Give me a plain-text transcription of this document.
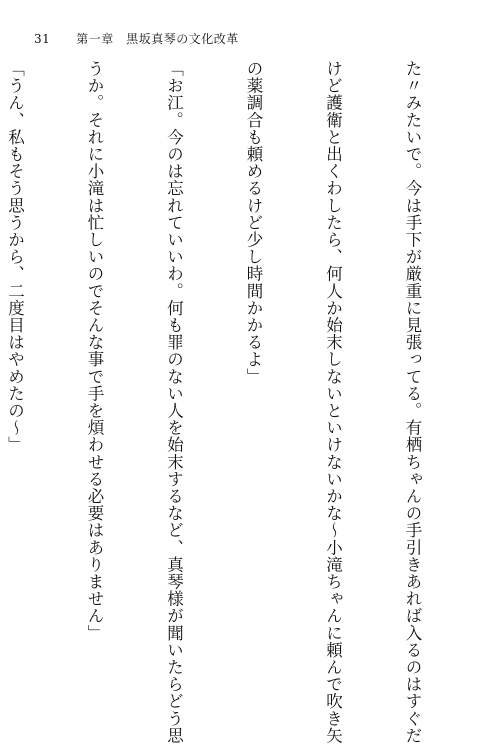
31 第一章　黒坂真琴の文化改革

た〃みたいで。今は手下が厳重に見張ってる。有栖ちゃんの手引きあれば入るのはすぐだ

けど護衛と出くわしたら、何人か始末しないといけないかな〜小滝ちゃんに頼んで吹き矢

の薬調合も頼めるけど少し時間かかるよ」

「お江。今のは忘れていいわ。何も罪のない人を始末するなど、真琴様が聞いたらどう思

うか。それに小滝は忙しいのでそんな事で手を煩わせる必要はありません」

「うん、私もそう思うから、二度目はやめたの〜」
